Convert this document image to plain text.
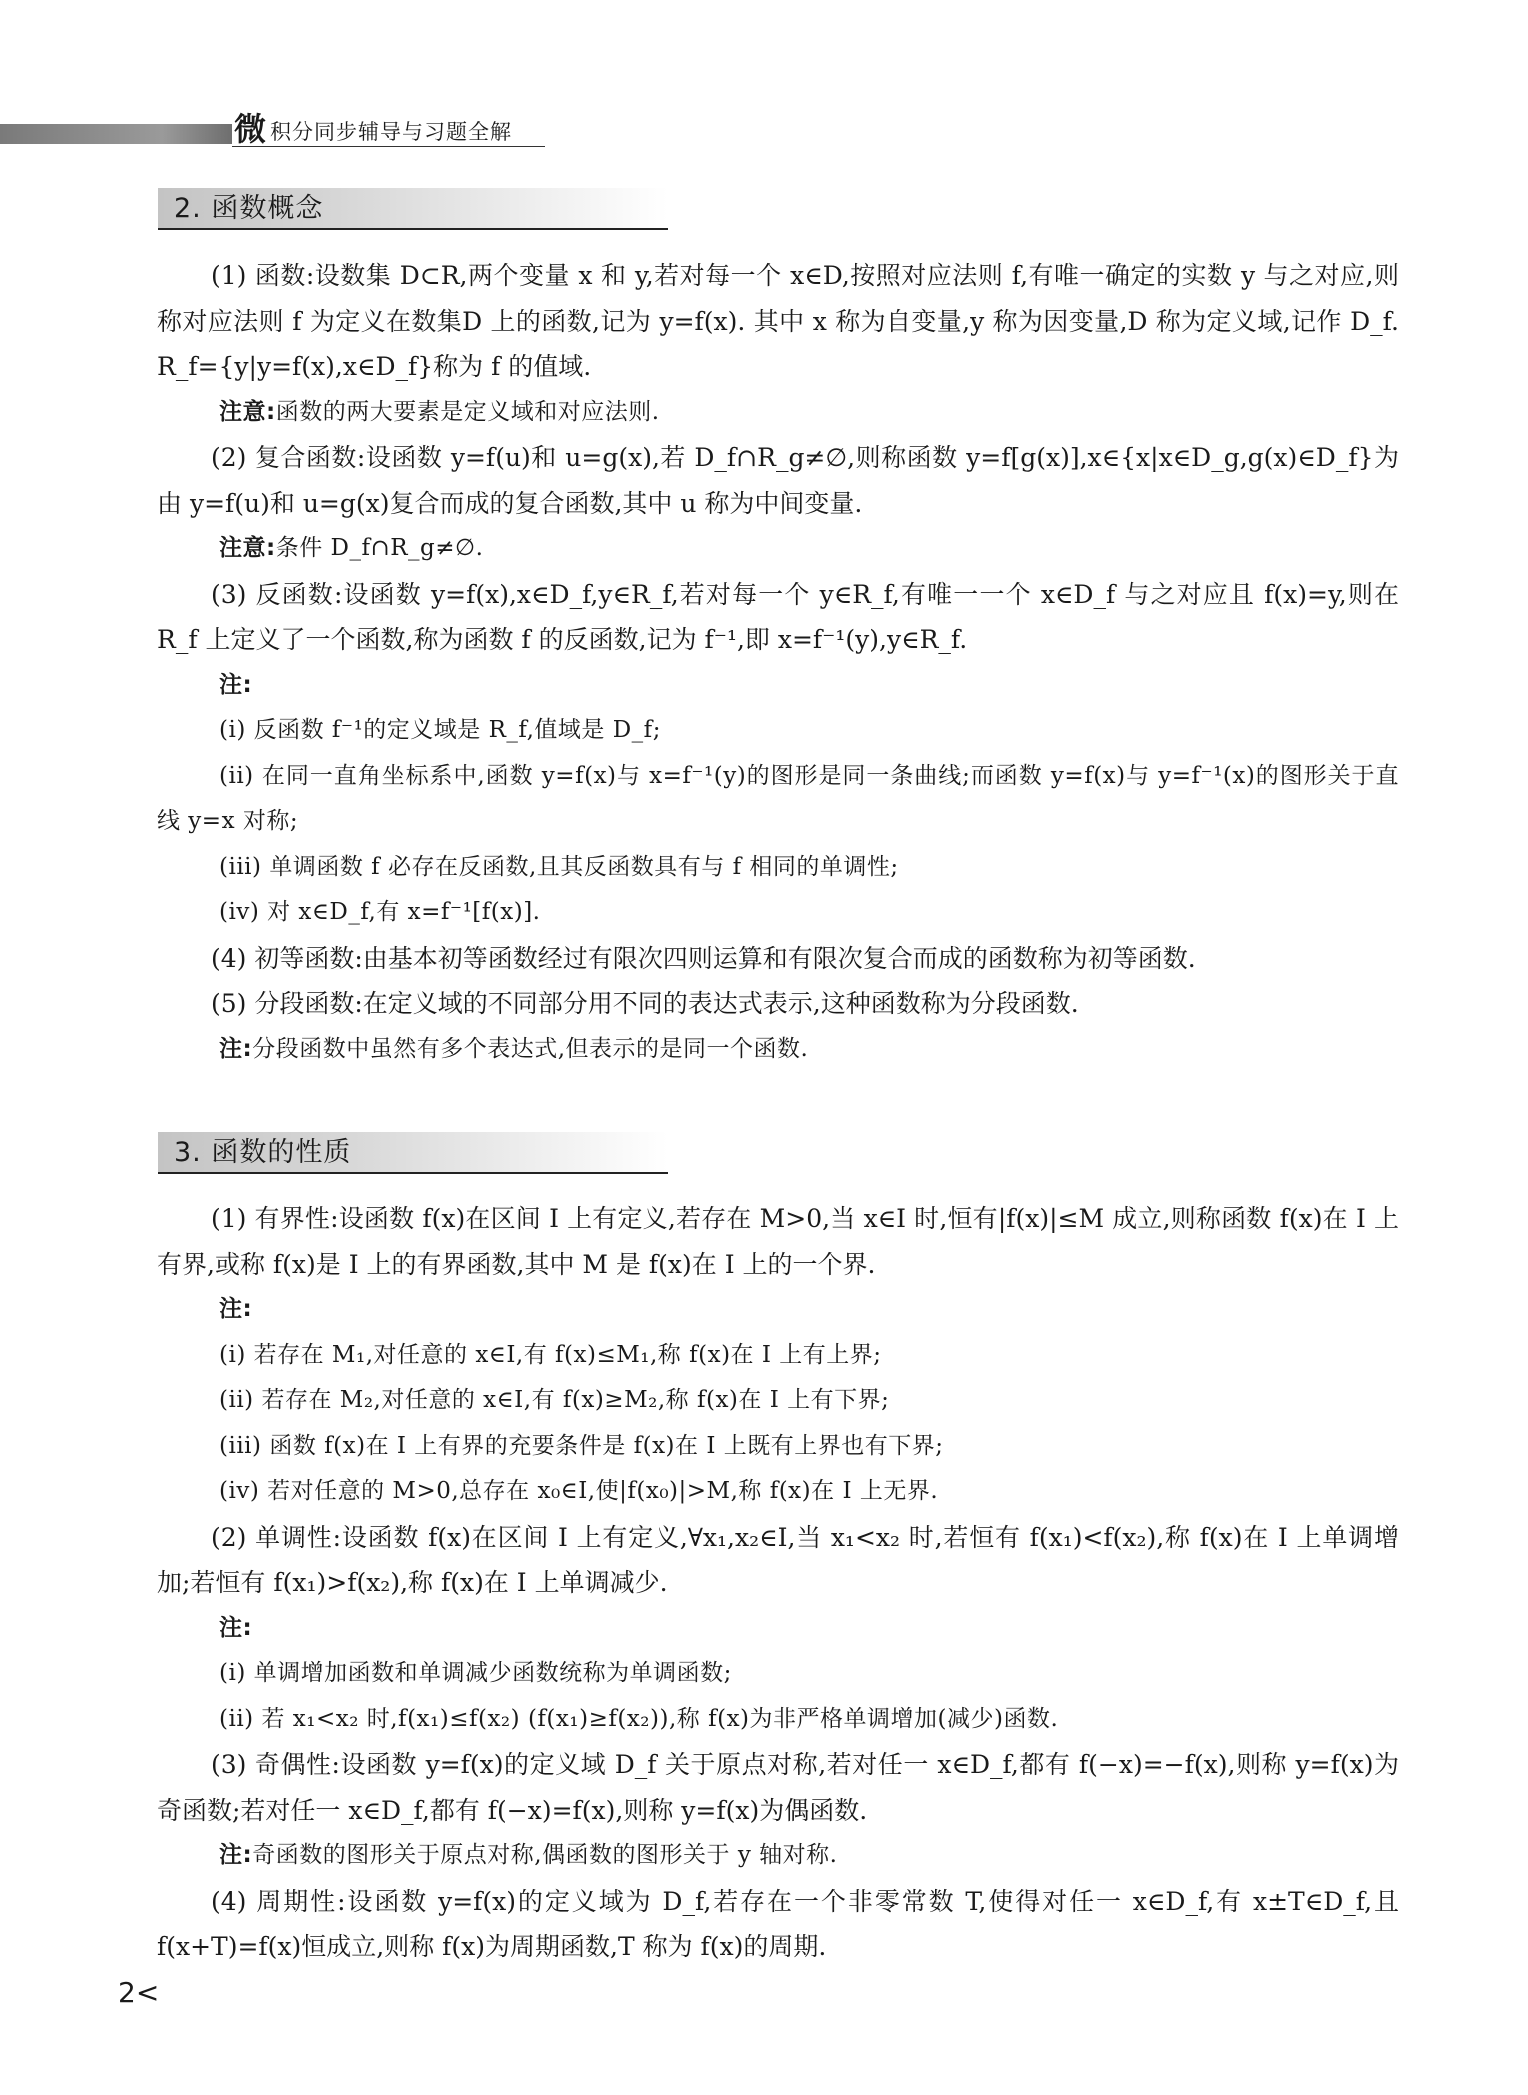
微 积分同步辅导与习题全解
2. 函数概念

(1) 函数:设数集 D⊂R,两个变量 x 和 y,若对每一个 x∈D,按照对应法则 f,有唯一确定的实数 y 与之对应,则称对应法则 f 为定义在数集D 上的函数,记为 y=f(x). 其中 x 称为自变量,y 称为因变量,D 称为定义域,记作 D_f. R_f={y|y=f(x),x∈D_f}称为 f 的值域.

注意:函数的两大要素是定义域和对应法则.

(2) 复合函数:设函数 y=f(u)和 u=g(x),若 D_f∩R_g≠∅,则称函数 y=f[g(x)],x∈{x|x∈D_g,g(x)∈D_f}为由 y=f(u)和 u=g(x)复合而成的复合函数,其中 u 称为中间变量.

注意:条件 D_f∩R_g≠∅.

(3) 反函数:设函数 y=f(x),x∈D_f,y∈R_f,若对每一个 y∈R_f,有唯一一个 x∈D_f 与之对应且 f(x)=y,则在 R_f 上定义了一个函数,称为函数 f 的反函数,记为 f⁻¹,即 x=f⁻¹(y),y∈R_f.

注:

(i) 反函数 f⁻¹的定义域是 R_f,值域是 D_f;

(ii) 在同一直角坐标系中,函数 y=f(x)与 x=f⁻¹(y)的图形是同一条曲线;而函数 y=f(x)与 y=f⁻¹(x)的图形关于直线 y=x 对称;

(iii) 单调函数 f 必存在反函数,且其反函数具有与 f 相同的单调性;

(iv) 对 x∈D_f,有 x=f⁻¹[f(x)].

(4) 初等函数:由基本初等函数经过有限次四则运算和有限次复合而成的函数称为初等函数.

(5) 分段函数:在定义域的不同部分用不同的表达式表示,这种函数称为分段函数.

注:分段函数中虽然有多个表达式,但表示的是同一个函数.

3. 函数的性质

(1) 有界性:设函数 f(x)在区间 I 上有定义,若存在 M>0,当 x∈I 时,恒有|f(x)|≤M 成立,则称函数 f(x)在 I 上有界,或称 f(x)是 I 上的有界函数,其中 M 是 f(x)在 I 上的一个界.

注:

(i) 若存在 M₁,对任意的 x∈I,有 f(x)≤M₁,称 f(x)在 I 上有上界;

(ii) 若存在 M₂,对任意的 x∈I,有 f(x)≥M₂,称 f(x)在 I 上有下界;

(iii) 函数 f(x)在 I 上有界的充要条件是 f(x)在 I 上既有上界也有下界;

(iv) 若对任意的 M>0,总存在 x₀∈I,使|f(x₀)|>M,称 f(x)在 I 上无界.

(2) 单调性:设函数 f(x)在区间 I 上有定义,∀x₁,x₂∈I,当 x₁<x₂ 时,若恒有 f(x₁)<f(x₂),称 f(x)在 I 上单调增加;若恒有 f(x₁)>f(x₂),称 f(x)在 I 上单调减少.

注:

(i) 单调增加函数和单调减少函数统称为单调函数;

(ii) 若 x₁<x₂ 时,f(x₁)≤f(x₂) (f(x₁)≥f(x₂)),称 f(x)为非严格单调增加(减少)函数.

(3) 奇偶性:设函数 y=f(x)的定义域 D_f 关于原点对称,若对任一 x∈D_f,都有 f(−x)=−f(x),则称 y=f(x)为奇函数;若对任一 x∈D_f,都有 f(−x)=f(x),则称 y=f(x)为偶函数.

注:奇函数的图形关于原点对称,偶函数的图形关于 y 轴对称.

(4) 周期性:设函数 y=f(x)的定义域为 D_f,若存在一个非零常数 T,使得对任一 x∈D_f,有 x±T∈D_f,且 f(x+T)=f(x)恒成立,则称 f(x)为周期函数,T 称为 f(x)的周期.

2<
